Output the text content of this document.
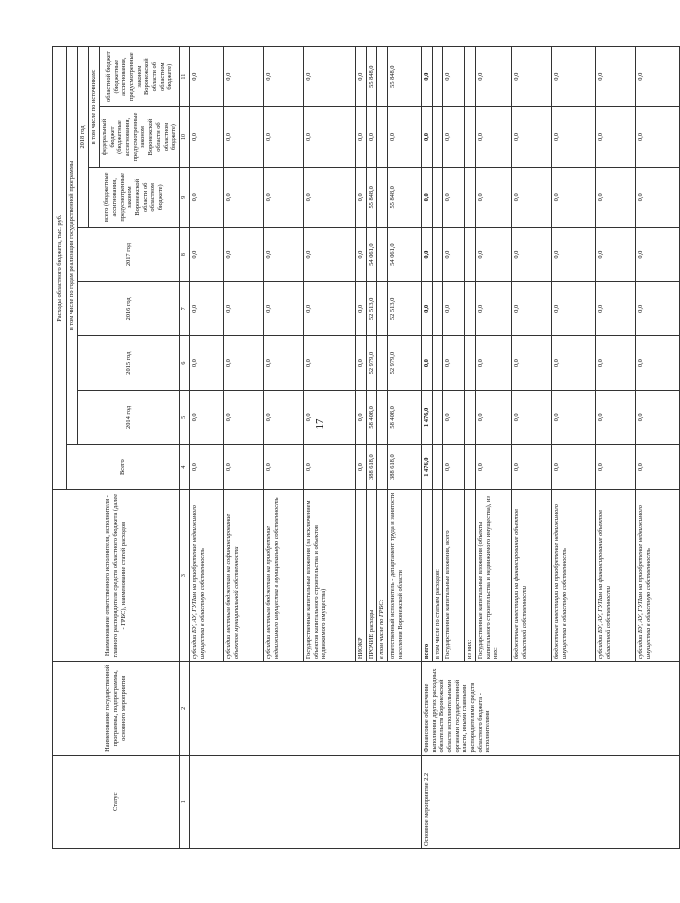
17
Статус	Наименование государственной программы, подпрограммы, основного мероприятия	Наименование ответственного исполнителя, исполнителя - главного распорядителя средств областного бюджета (далее - ГРБС), наименование статей расходов	Расходы областного бюджета, тыс. руб.							
			Всего	в том числе по годам реализации государственной программы						
				2014 год	2015 год	2016 год	2017 год	2018 год		
								всего (бюджетные ассигнования, предусмотренные законом Воронежской области об областном бюджете)	в том числе по источникам:	
									федеральный бюджет (бюджетные ассигнования, предусмотренные законом Воронежской области об областном бюджете)	областной бюджет (бюджетные ассигнования, предусмотренные законом Воронежской области об областном бюджете)
1	2	3	4	5	6	7	8	9	10	11
		субсидии БУ, АУ, ГУПам на приобретение недвижимого имущества в областную собственность	0,0	0,0	0,0	0,0	0,0	0,0	0,0	0,0
		субсидии местным бюджетам на софинансирование объектов муниципальной собственности	0,0	0,0	0,0	0,0	0,0	0,0	0,0	0,0
		субсидии местным бюджетам на приобретение недвижимого имущества в муниципальную собственность	0,0	0,0	0,0	0,0	0,0	0,0	0,0	0,0
		Государственные капитальные вложения (за исключением объектов капитального строительства и объектов недвижимого имущества)	0,0	0,0	0,0	0,0	0,0	0,0	0,0	0,0
		НИОКР	0,0	0,0	0,0	0,0	0,0	0,0	0,0	0,0
		ПРОЧИЕ расходы	388 618,0	58 408,0	52 979,0	52 513,0	54 061,0	55 848,0	0,0	55 848,0
		в том числе по ГРБС:								
		ответственный исполнитель - департамент труда и занятости населения Воронежской области	388 618,0	58 408,0	52 979,0	52 513,0	54 061,0	55 848,0	0,0	55 848,0
Основное мероприятие 2.2	Финансовое обеспечение выполнения других расходных обязательств Воронежской области исполнительными органами государственной власти, иными главными распорядителями средств областного бюджета - исполнителями	всего	1 476,0	1 476,0	0,0	0,0	0,0	0,0	0,0	0,0
		в том числе по статьям расходов:								
		Государственные капитальные вложения, всего	0,0	0,0	0,0	0,0	0,0	0,0	0,0	0,0
		из них:								
		Государственные капитальные вложения (объекты капитального строительства и недвижимого имущества), из них:	0,0	0,0	0,0	0,0	0,0	0,0	0,0	0,0
		бюджетные инвестиции на финансирование объектов областной собственности	0,0	0,0	0,0	0,0	0,0	0,0	0,0	0,0
		бюджетные инвестиции на приобретение недвижимого имущества в областную собственность	0,0	0,0	0,0	0,0	0,0	0,0	0,0	0,0
		субсидии БУ, АУ, ГУПам на финансирование объектов областной собственности	0,0	0,0	0,0	0,0	0,0	0,0	0,0	0,0
		субсидии БУ, АУ, ГУПам на приобретение недвижимого имущества в областную собственность	0,0	0,0	0,0	0,0	0,0	0,0	0,0	0,0
